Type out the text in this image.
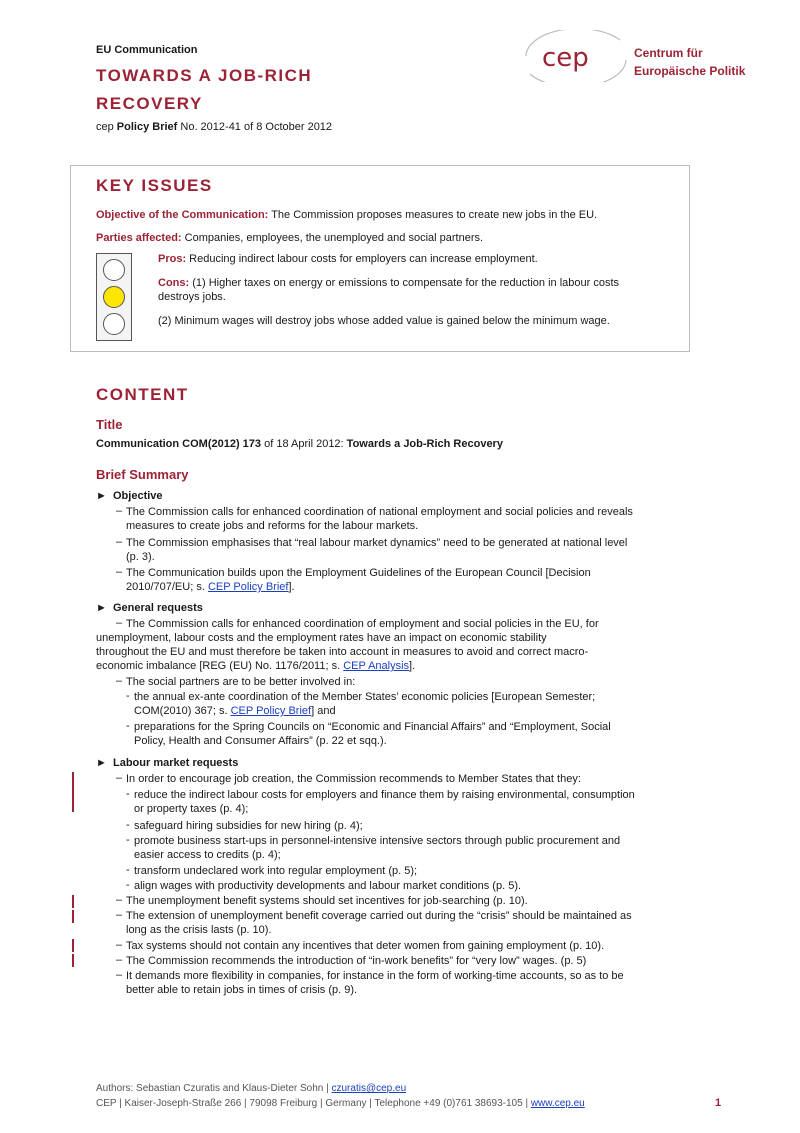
EU Communication
TOWARDS A JOB-RICH
RECOVERY
cep Policy Brief No. 2012-41 of 8 October 2012
cep	Centrum für
Europäische Politik
KEY ISSUES
Objective of the Communication: The Commission proposes measures to create new jobs in the EU.
Parties affected: Companies, employees, the unemployed and social partners.
Pros: Reducing indirect labour costs for employers can increase employment.
Cons: (1) Higher taxes on energy or emissions to compensate for the reduction in labour costs
destroys jobs.
(2) Minimum wages will destroy jobs whose added value is gained below the minimum wage.
CONTENT
Title
Communication COM(2012) 173 of 18 April 2012: Towards a Job-Rich Recovery
Brief Summary
►  Objective
– The Commission calls for enhanced coordination of national employment and social policies and reveals
measures to create jobs and reforms for the labour markets.
– The Commission emphasises that “real labour market dynamics” need to be generated at national level
(p. 3).
– The Communication builds upon the Employment Guidelines of the European Council [Decision
2010/707/EU; s. CEP Policy Brief].
►  General requests
– The Commission calls for enhanced coordination of employment and social policies in the EU, for
unemployment, labour costs and the employment rates have an impact on economic stability
throughout the EU and must therefore be taken into account in measures to avoid and correct macro-
economic imbalance [REG (EU) No. 1176/2011; s. CEP Analysis].
– The social partners are to be better involved in:
- the annual ex-ante coordination of the Member States’ economic policies [European Semester;
COM(2010) 367; s. CEP Policy Brief] and
- preparations for the Spring Councils on “Economic and Financial Affairs” and “Employment, Social
Policy, Health and Consumer Affairs” (p. 22 et sqq.).
►  Labour market requests
– In order to encourage job creation, the Commission recommends to Member States that they:
- reduce the indirect labour costs for employers and finance them by raising environmental, consumption
or property taxes (p. 4);
- safeguard hiring subsidies for new hiring (p. 4);
- promote business start-ups in personnel-intensive intensive sectors through public procurement and
easier access to credits (p. 4);
- transform undeclared work into regular employment (p. 5);
- align wages with productivity developments and labour market conditions (p. 5).
– The unemployment benefit systems should set incentives for job-searching (p. 10).
– The extension of unemployment benefit coverage carried out during the “crisis” should be maintained as
long as the crisis lasts (p. 10).
– Tax systems should not contain any incentives that deter women from gaining employment (p. 10).
– The Commission recommends the introduction of “in-work benefits” for “very low” wages. (p. 5)
– It demands more flexibility in companies, for instance in the form of working-time accounts, so as to be
better able to retain jobs in times of crisis (p. 9).
Authors: Sebastian Czuratis and Klaus-Dieter Sohn | czuratis@cep.eu
CEP | Kaiser-Joseph-Straße 266 | 79098 Freiburg | Germany | Telephone +49 (0)761 38693-105 | www.cep.eu	1
